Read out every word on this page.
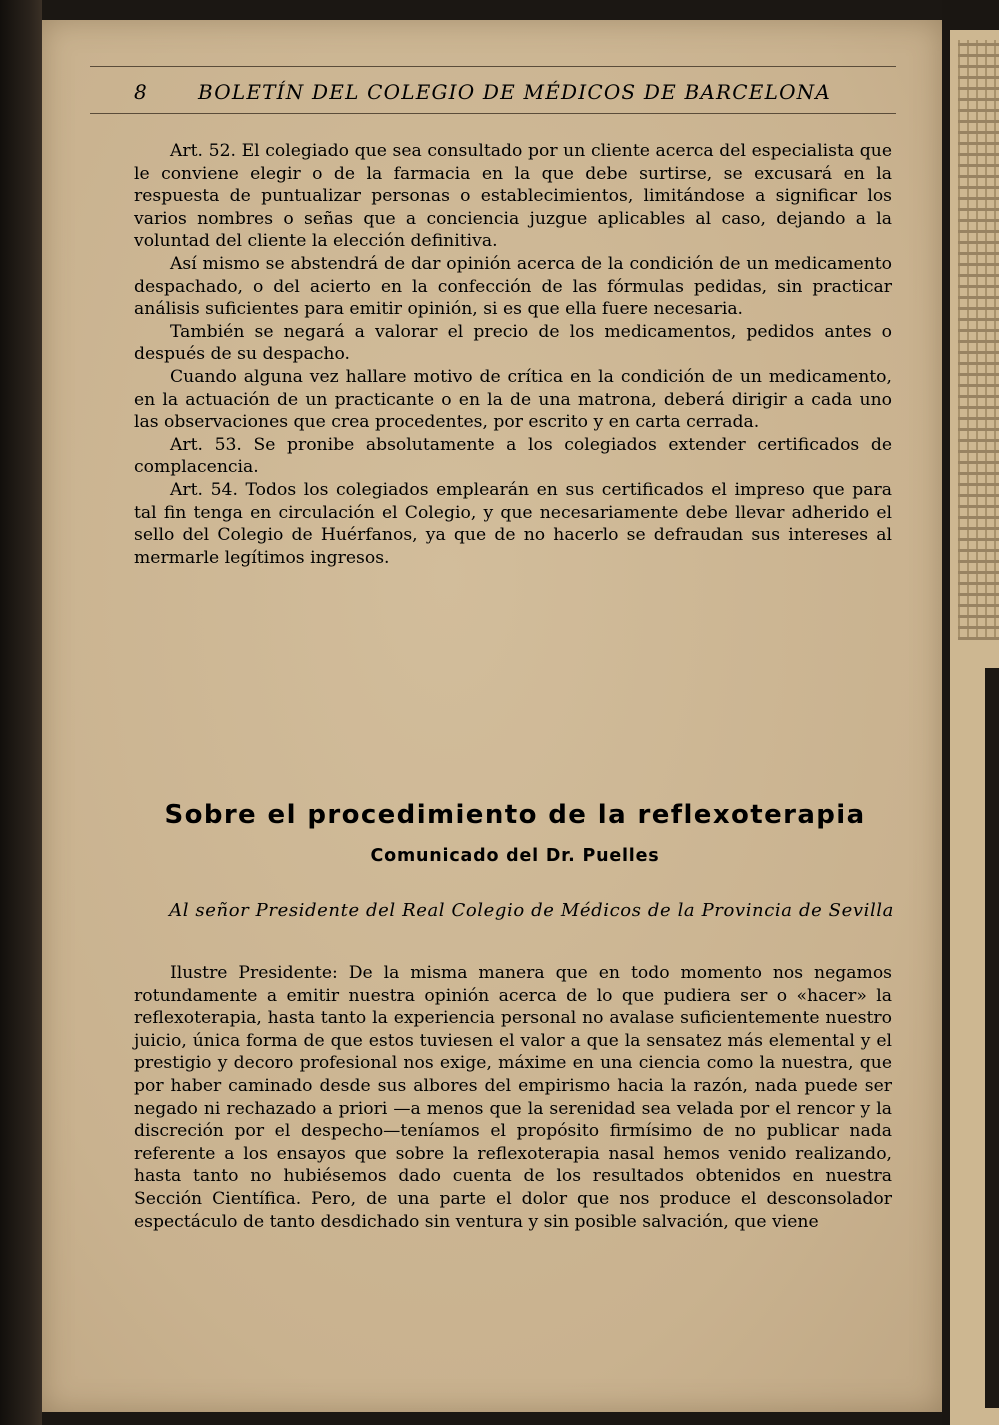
8	BOLETÍN DEL COLEGIO DE MÉDICOS DE BARCELONA

Art. 52. El colegiado que sea consultado por un cliente acerca del especialista que le conviene elegir o de la farmacia en la que debe surtirse, se excusará en la respuesta de puntualizar personas o establecimientos, limitándose a significar los varios nombres o señas que a conciencia juzgue aplicables al caso, dejando a la voluntad del cliente la elección definitiva.

Así mismo se abstendrá de dar opinión acerca de la condición de un medicamento despachado, o del acierto en la confección de las fórmulas pedidas, sin practicar análisis suficientes para emitir opinión, si es que ella fuere necesaria.

También se negará a valorar el precio de los medicamentos, pedidos antes o después de su despacho.

Cuando alguna vez hallare motivo de crítica en la condición de un medicamento, en la actuación de un practicante o en la de una matrona, deberá dirigir a cada uno las observaciones que crea procedentes, por escrito y en carta cerrada.

Art. 53. Se pronibe absolutamente a los colegiados extender certificados de complacencia.

Art. 54. Todos los colegiados emplearán en sus certificados el impreso que para tal fin tenga en circulación el Colegio, y que necesariamente debe llevar adherido el sello del Colegio de Huérfanos, ya que de no hacerlo se defraudan sus intereses al mermarle legítimos ingresos.

Sobre el procedimiento de la reflexoterapia
Comunicado del Dr. Puelles
Al señor Presidente del Real Colegio de Médicos de la Provincia de Sevilla

Ilustre Presidente: De la misma manera que en todo momento nos negamos rotundamente a emitir nuestra opinión acerca de lo que pudiera ser o «hacer» la reflexoterapia, hasta tanto la experiencia personal no avalase suficientemente nuestro juicio, única forma de que estos tuviesen el valor a que la sensatez más elemental y el prestigio y decoro profesional nos exige, máxime en una ciencia como la nuestra, que por haber caminado desde sus albores del empirismo hacia la razón, nada puede ser negado ni rechazado a priori —a menos que la serenidad sea velada por el rencor y la discreción por el despecho—teníamos el propósito firmísimo de no publicar nada referente a los ensayos que sobre la reflexoterapia nasal hemos venido realizando, hasta tanto no hubiésemos dado cuenta de los resultados obtenidos en nuestra Sección Científica. Pero, de una parte el dolor que nos produce el desconsolador espectáculo de tanto desdichado sin ventura y sin posible salvación, que viene
